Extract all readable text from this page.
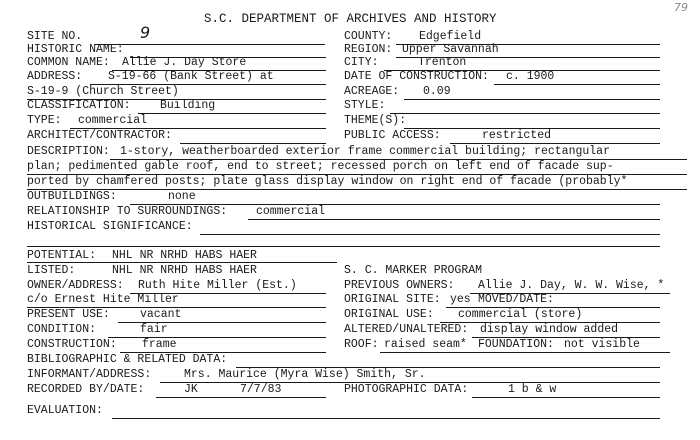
S.C. DEPARTMENT OF ARCHIVES AND HISTORY
79
SITE NO.	9	COUNTY: Edgefield
HISTORIC NAME:	REGION: Upper Savannah
COMMON NAME: Allie J. Day Store	CITY:	Trenton
ADDRESS: S-19-66 (Bank Street) at	DATE OF CONSTRUCTION: c. 1900
S-19-9 (Church Street)	ACREAGE: 0.09
CLASSIFICATION:	Building	STYLE:
TYPE: commercial	THEME(S):
ARCHITECT/CONTRACTOR:	PUBLIC ACCESS:	restricted
DESCRIPTION: 1-story, weatherboarded exterior frame commercial building; rectangular
plan; pedimented gable roof, end to street; recessed porch on left end of facade sup-
ported by chamfered posts; plate glass display window on right end of facade (probably*
OUTBUILDINGS:	none
RELATIONSHIP TO SURROUNDINGS:	commercial
HISTORICAL SIGNIFICANCE:
POTENTIAL: NHL NR NRHD HABS HAER
LISTED:	NHL NR NRHD HABS HAER	S. C. MARKER PROGRAM
OWNER/ADDRESS: Ruth Hite Miller (Est.)	PREVIOUS OWNERS: Allie J. Day, W. W. Wise, *
c/o Ernest Hite Miller	ORIGINAL SITE: yes MOVED/DATE:
PRESENT USE:	vacant	ORIGINAL USE: commercial (store)
CONDITION:	fair	ALTERED/UNALTERED: display window added
CONSTRUCTION: frame	ROOF: raised seam* FOUNDATION: not visible
BIBLIOGRAPHIC & RELATED DATA:
INFORMANT/ADDRESS:	Mrs. Maurice (Myra Wise) Smith, Sr.
RECORDED BY/DATE:	JK	7/7/83	PHOTOGRAPHIC DATA:	1 b & w
EVALUATION:
